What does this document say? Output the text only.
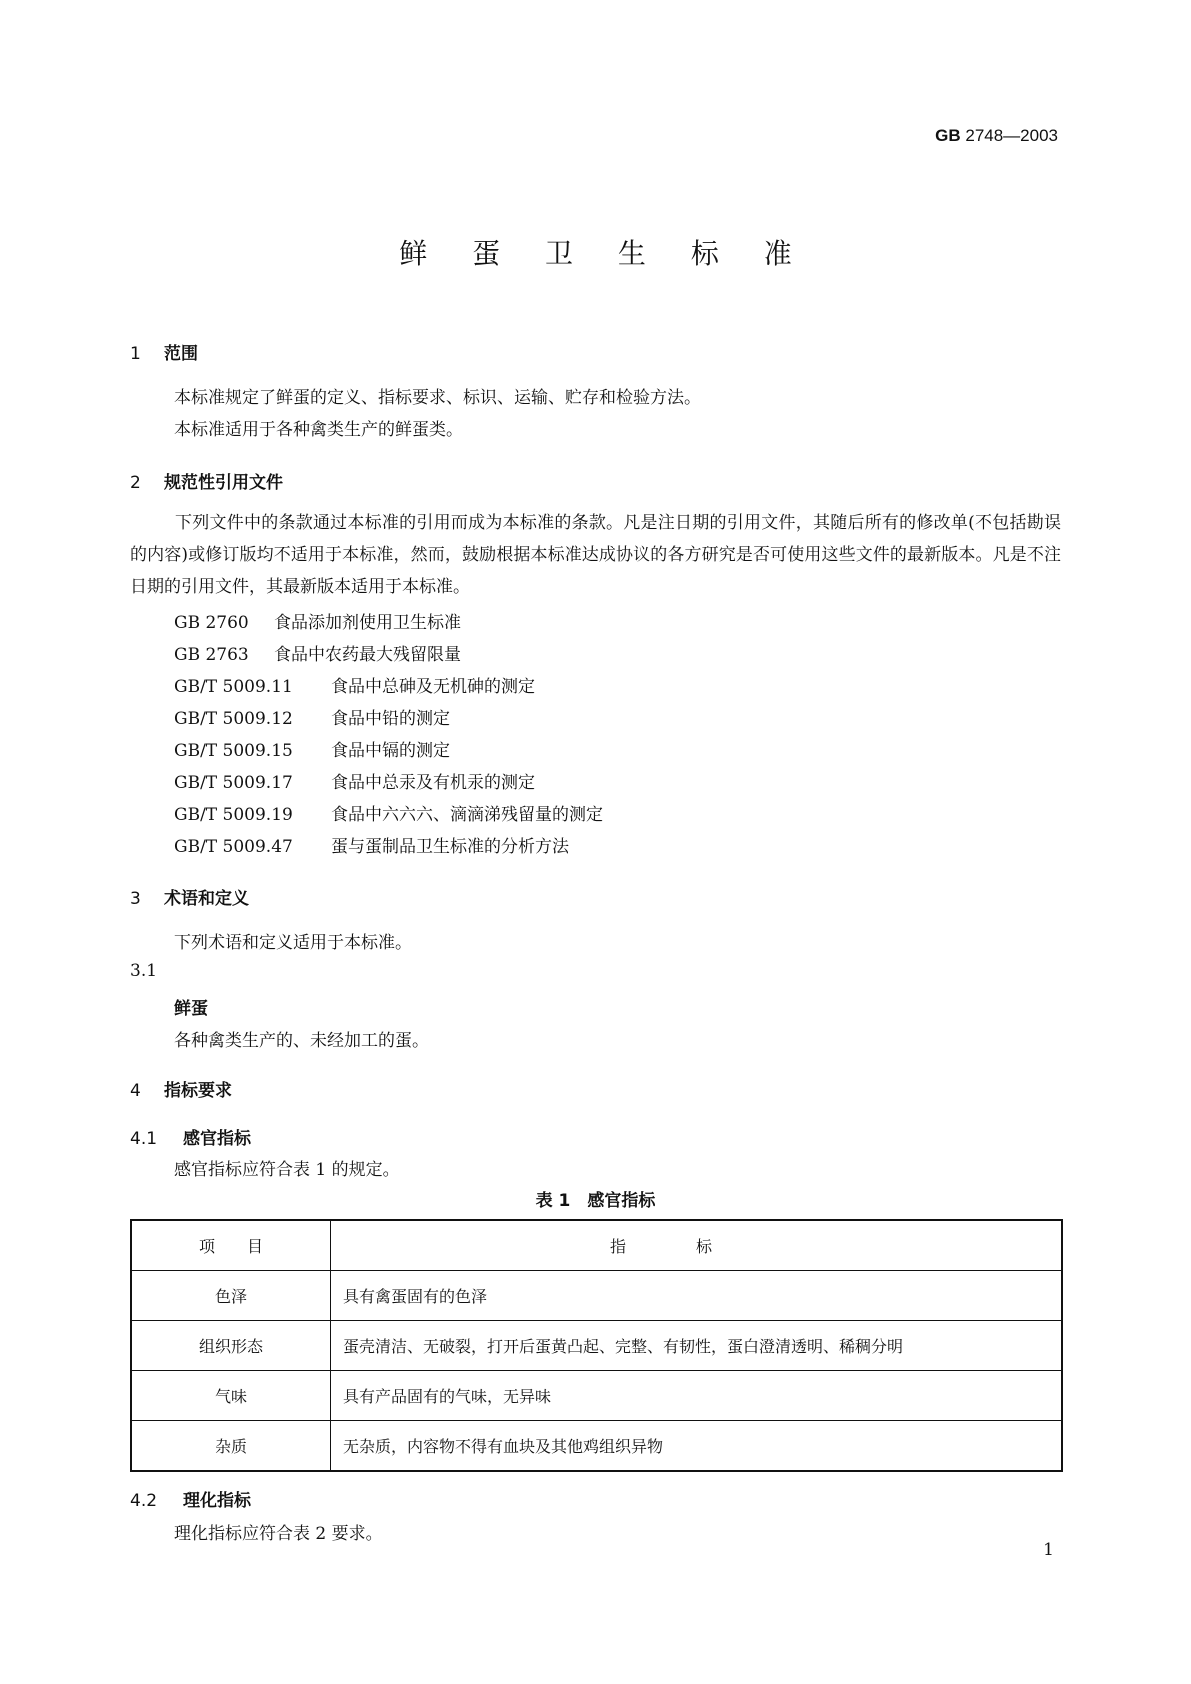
GB 2748—2003
鲜 蛋 卫 生 标 准
1 范围
本标准规定了鲜蛋的定义、指标要求、标识、运输、贮存和检验方法。
本标准适用于各种禽类生产的鲜蛋类。
2 规范性引用文件
下列文件中的条款通过本标准的引用而成为本标准的条款。凡是注日期的引用文件，其随后所有的修改单(不包括勘误的内容)或修订版均不适用于本标准，然而，鼓励根据本标准达成协议的各方研究是否可使用这些文件的最新版本。凡是不注日期的引用文件，其最新版本适用于本标准。
GB 2760 食品添加剂使用卫生标准
GB 2763 食品中农药最大残留限量
GB/T 5009.11 食品中总砷及无机砷的测定
GB/T 5009.12 食品中铅的测定
GB/T 5009.15 食品中镉的测定
GB/T 5009.17 食品中总汞及有机汞的测定
GB/T 5009.19 食品中六六六、滴滴涕残留量的测定
GB/T 5009.47 蛋与蛋制品卫生标准的分析方法
3 术语和定义
下列术语和定义适用于本标准。
3.1
鲜蛋
各种禽类生产的、未经加工的蛋。
4 指标要求
4.1 感官指标
感官指标应符合表 1 的规定。
表 1　感官指标
项　　目	指标
色泽	具有禽蛋固有的色泽
组织形态	蛋壳清洁、无破裂，打开后蛋黄凸起、完整、有韧性，蛋白澄清透明、稀稠分明
气味	具有产品固有的气味，无异味
杂质	无杂质，内容物不得有血块及其他鸡组织异物
4.2 理化指标
理化指标应符合表 2 要求。
1
